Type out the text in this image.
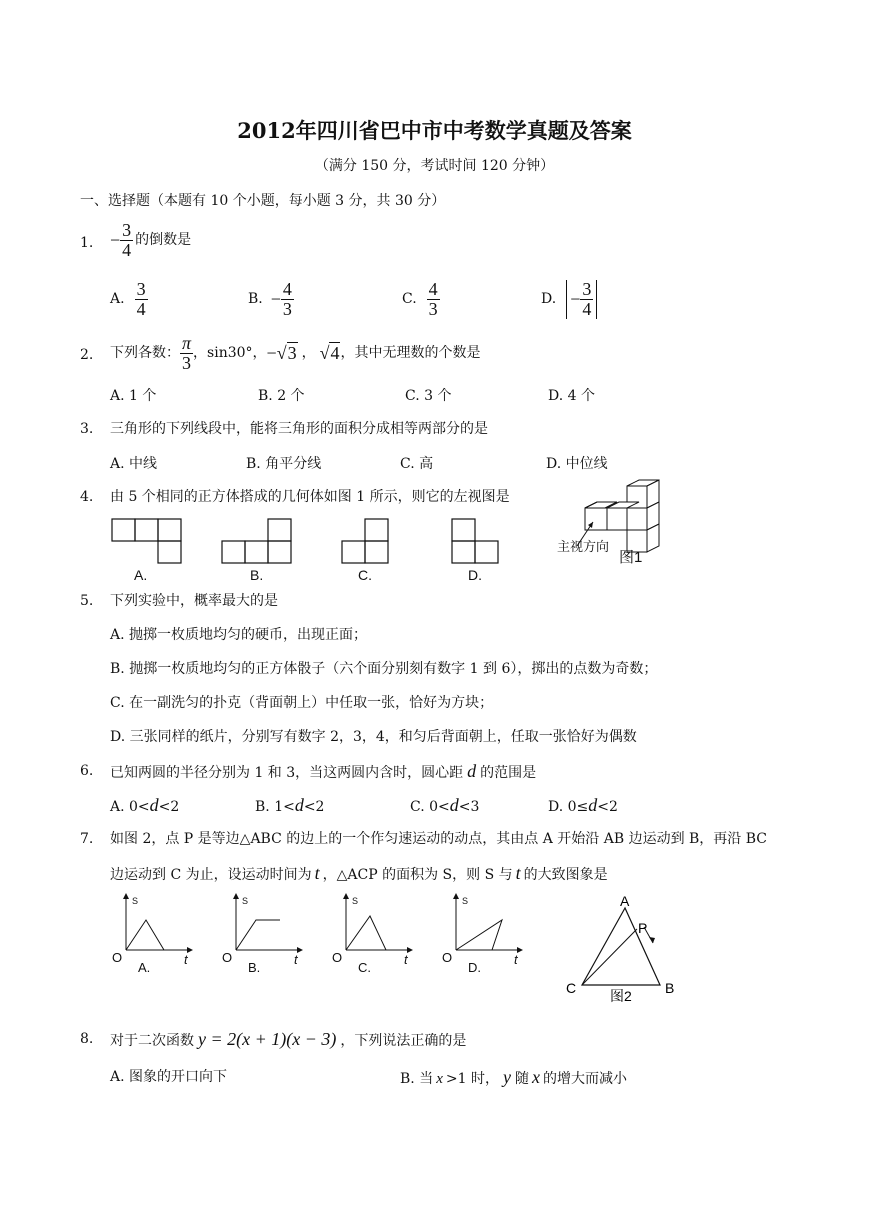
2012年四川省巴中市中考数学真题及答案
（满分 150 分，考试时间 120 分钟）
一、选择题（本题有 10 个小题，每小题 3 分，共 30 分）
1. − $\frac{3}{4}$ 的倒数是
A. $\frac{3}{4}$	B. − $\frac{4}{3}$	C. $\frac{4}{3}$	D. − $\frac{3}{4}$
2. 下列各数： $\frac{\pi}{3}$ ，sin30°， − √3 ， √4 ，其中无理数的个数是
A. 1 个	B. 2 个	C. 3 个	D. 4 个
3. 三角形的下列线段中，能将三角形的面积分成相等两部分的是
A. 中线	B. 角平分线	C. 高	D. 中位线
4. 由 5 个相同的正方体搭成的几何体如图 1 所示，则它的左视图是
A.	B.	C.	D.
主视方向
图1
5. 下列实验中，概率最大的是
A. 抛掷一枚质地均匀的硬币，出现正面；
B. 抛掷一枚质地均匀的正方体骰子（六个面分别刻有数字 1 到 6），掷出的点数为奇数；
C. 在一副洗匀的扑克（背面朝上）中任取一张，恰好为方块；
D. 三张同样的纸片，分别写有数字 2，3，4，和匀后背面朝上，任取一张恰好为偶数
6. 已知两圆的半径分别为 1 和 3，当这两圆内含时，圆心距 d 的范围是
A. 0<d<2	B. 1<d<2	C. 0<d<3	D. 0≤d<2
7. 如图 2，点 P 是等边△ABC 的边上的一个作匀速运动的动点，其由点 A 开始沿 AB 边运动到 B，再沿 BC
边运动到 C 为止，设运动时间为 t ，△ACP 的面积为 S，则 S 与 t 的大致图象是
S	S	S	S
O	O	O	O
t	t	t	t
A.	B.	C.	D.
A
P
C	B
图2
8. 对于二次函数 y = 2(x + 1)(x − 3) ，下列说法正确的是
A. 图象的开口向下	B. 当 x >1 时， y 随 x 的增大而减小
